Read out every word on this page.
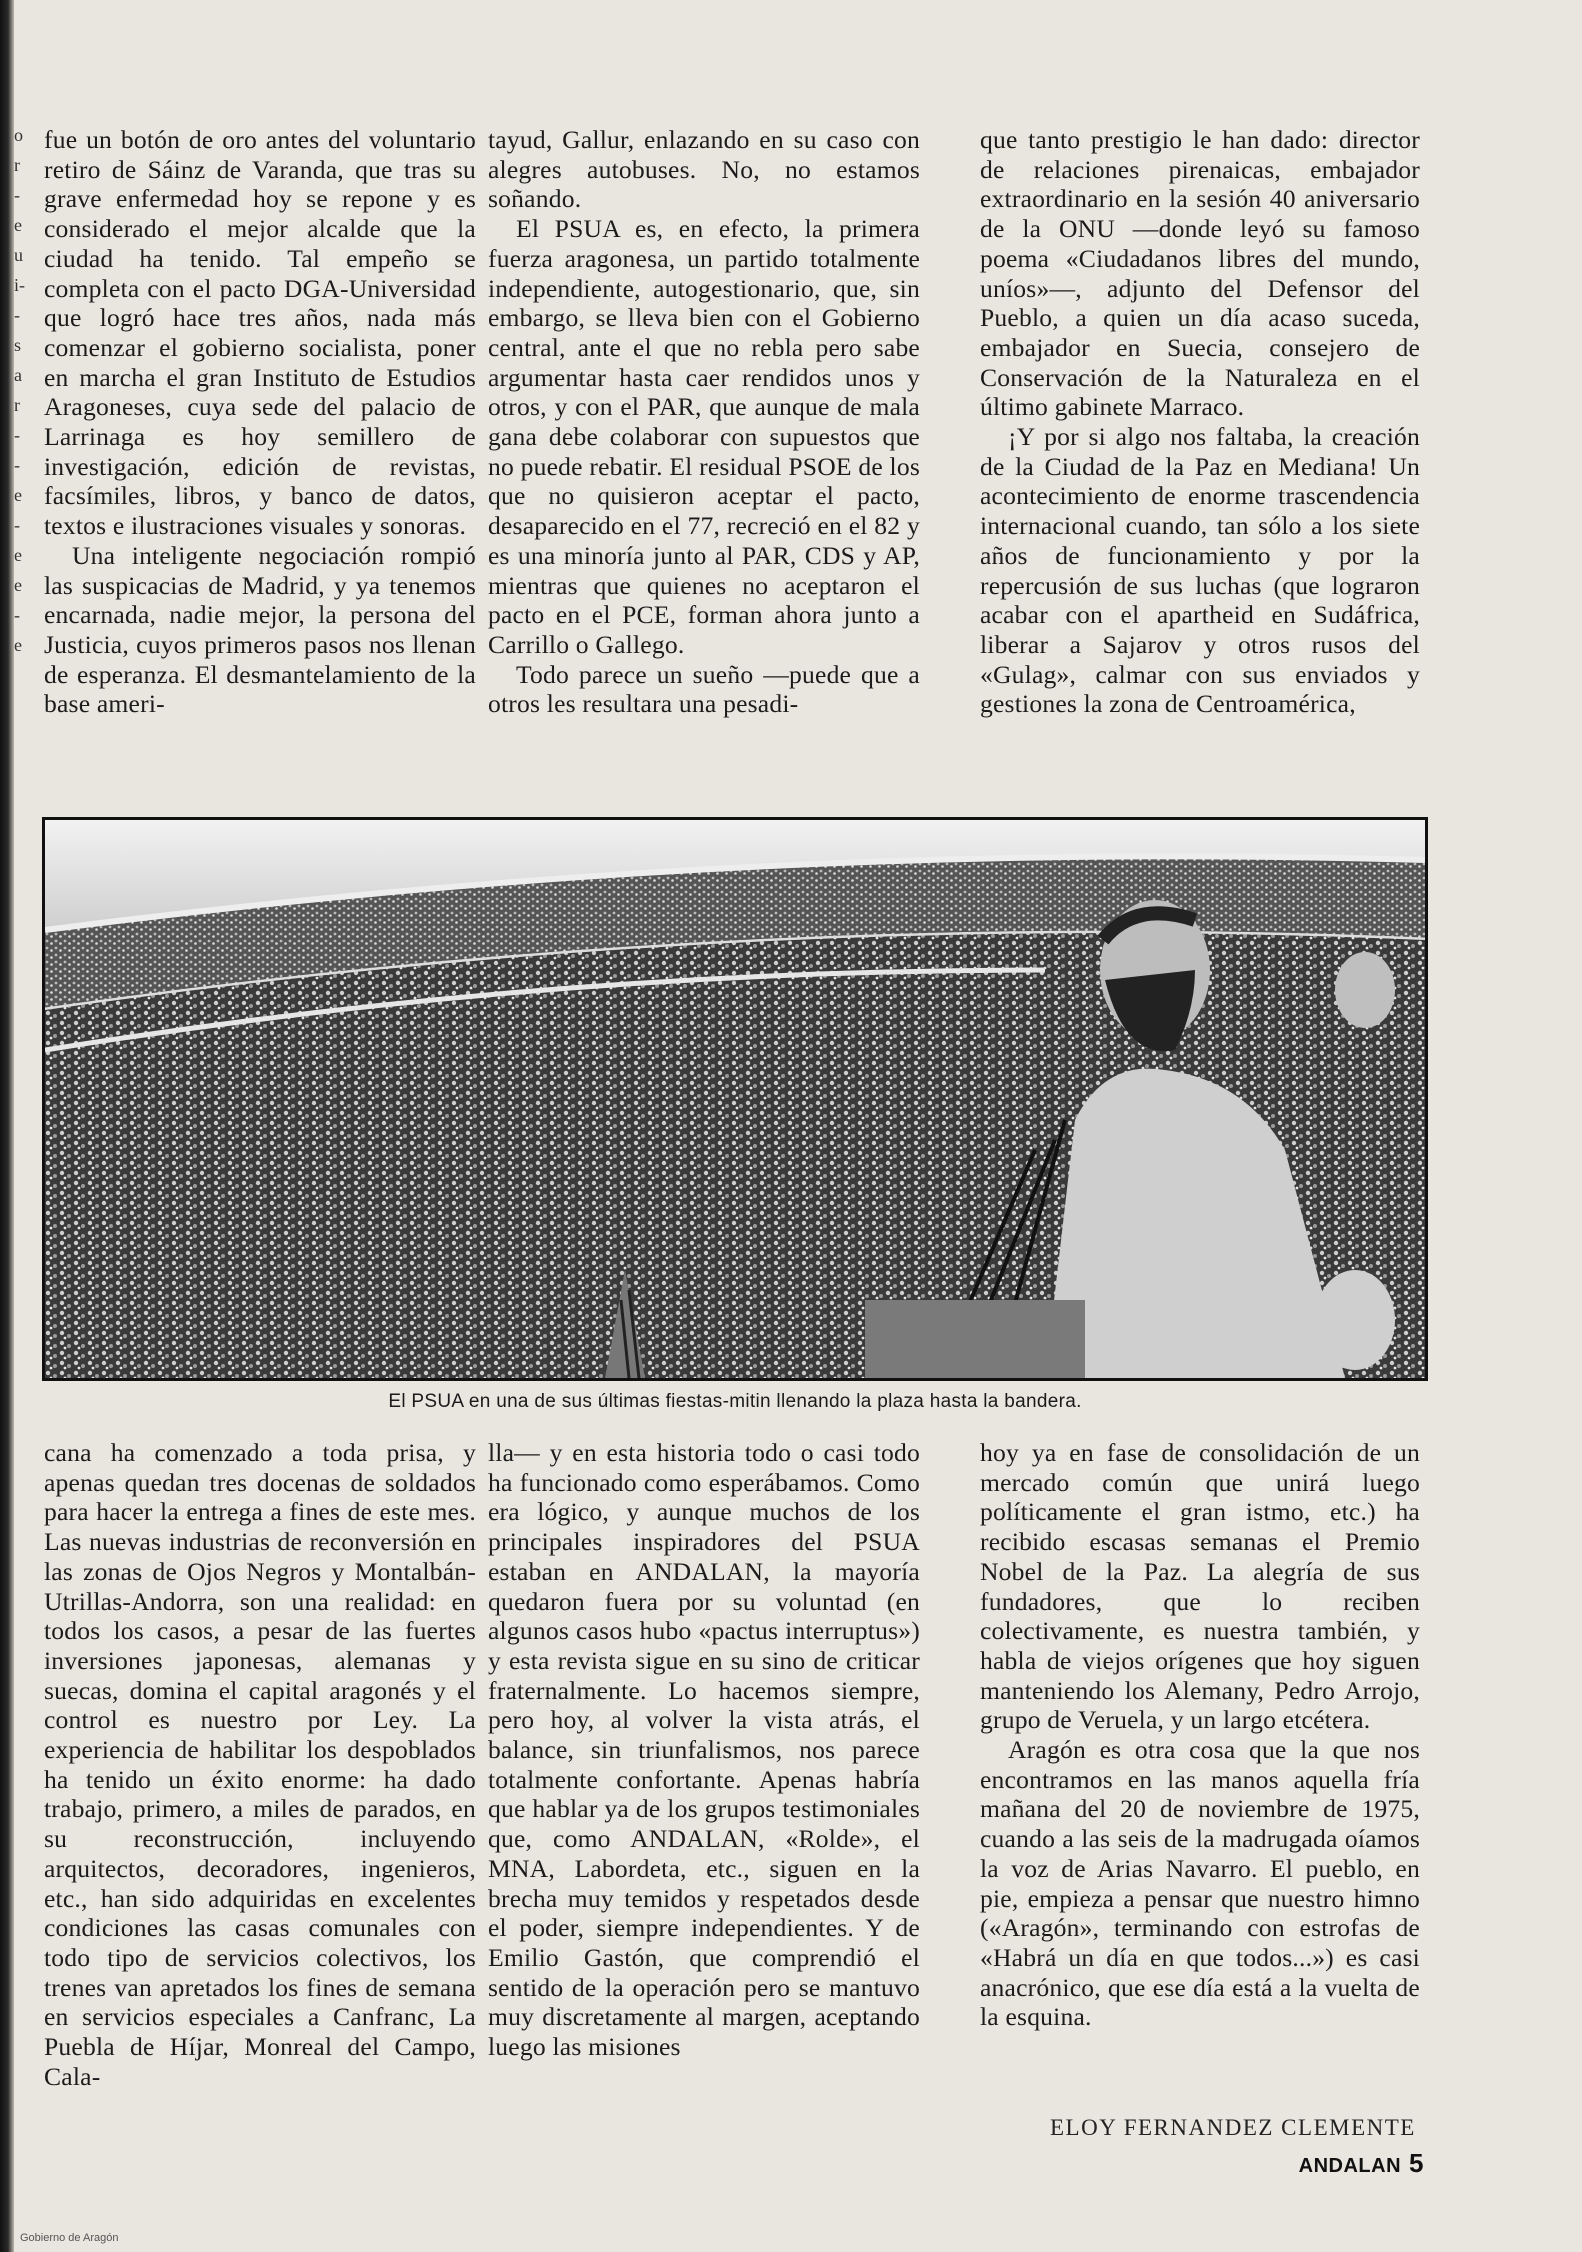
o
r
-
e
u
i-
-
s
a
r
-
-
e
-
e
e
-
e

fue un botón de oro antes del voluntario retiro de Sáinz de Varanda, que tras su grave enfermedad hoy se repone y es considerado el mejor alcalde que la ciudad ha tenido. Tal empeño se completa con el pacto DGA-Universidad que logró hace tres años, nada más comenzar el gobierno socialista, poner en marcha el gran Instituto de Estudios Aragoneses, cuya sede del palacio de Larrinaga es hoy semillero de investigación, edición de revistas, facsímiles, libros, y banco de datos, textos e ilustraciones visuales y sonoras.

Una inteligente negociación rompió las suspicacias de Madrid, y ya tenemos encarnada, nadie mejor, la persona del Justicia, cuyos primeros pasos nos llenan de esperanza. El desmantelamiento de la base ameri-

tayud, Gallur, enlazando en su caso con alegres autobuses. No, no estamos soñando.

El PSUA es, en efecto, la primera fuerza aragonesa, un partido totalmente independiente, autogestionario, que, sin embargo, se lleva bien con el Gobierno central, ante el que no rebla pero sabe argumentar hasta caer rendidos unos y otros, y con el PAR, que aunque de mala gana debe colaborar con supuestos que no puede rebatir. El residual PSOE de los que no quisieron aceptar el pacto, desaparecido en el 77, recreció en el 82 y es una minoría junto al PAR, CDS y AP, mientras que quienes no aceptaron el pacto en el PCE, forman ahora junto a Carrillo o Gallego.

Todo parece un sueño —puede que a otros les resultara una pesadi-

que tanto prestigio le han dado: director de relaciones pirenaicas, embajador extraordinario en la sesión 40 aniversario de la ONU —donde leyó su famoso poema «Ciudadanos libres del mundo, uníos»—, adjunto del Defensor del Pueblo, a quien un día acaso suceda, embajador en Suecia, consejero de Conservación de la Naturaleza en el último gabinete Marraco.

¡Y por si algo nos faltaba, la creación de la Ciudad de la Paz en Mediana! Un acontecimiento de enorme trascendencia internacional cuando, tan sólo a los siete años de funcionamiento y por la repercusión de sus luchas (que lograron acabar con el apartheid en Sudáfrica, liberar a Sajarov y otros rusos del «Gulag», calmar con sus enviados y gestiones la zona de Centroamérica,

El PSUA en una de sus últimas fiestas-mitin llenando la plaza hasta la bandera.

cana ha comenzado a toda prisa, y apenas quedan tres docenas de soldados para hacer la entrega a fines de este mes. Las nuevas industrias de reconversión en las zonas de Ojos Negros y Montalbán-Utrillas-Andorra, son una realidad: en todos los casos, a pesar de las fuertes inversiones japonesas, alemanas y suecas, domina el capital aragonés y el control es nuestro por Ley. La experiencia de habilitar los despoblados ha tenido un éxito enorme: ha dado trabajo, primero, a miles de parados, en su reconstrucción, incluyendo arquitectos, decoradores, ingenieros, etc., han sido adquiridas en excelentes condiciones las casas comunales con todo tipo de servicios colectivos, los trenes van apretados los fines de semana en servicios especiales a Canfranc, La Puebla de Híjar, Monreal del Campo, Cala-

lla— y en esta historia todo o casi todo ha funcionado como esperábamos. Como era lógico, y aunque muchos de los principales inspiradores del PSUA estaban en ANDALAN, la mayoría quedaron fuera por su voluntad (en algunos casos hubo «pactus interruptus») y esta revista sigue en su sino de criticar fraternalmente. Lo hacemos siempre, pero hoy, al volver la vista atrás, el balance, sin triunfalismos, nos parece totalmente confortante. Apenas habría que hablar ya de los grupos testimoniales que, como ANDALAN, «Rolde», el MNA, Labordeta, etc., siguen en la brecha muy temidos y respetados desde el poder, siempre independientes. Y de Emilio Gastón, que comprendió el sentido de la operación pero se mantuvo muy discretamente al margen, aceptando luego las misiones

hoy ya en fase de consolidación de un mercado común que unirá luego políticamente el gran istmo, etc.) ha recibido escasas semanas el Premio Nobel de la Paz. La alegría de sus fundadores, que lo reciben colectivamente, es nuestra también, y habla de viejos orígenes que hoy siguen manteniendo los Alemany, Pedro Arrojo, grupo de Veruela, y un largo etcétera.

Aragón es otra cosa que la que nos encontramos en las manos aquella fría mañana del 20 de noviembre de 1975, cuando a las seis de la madrugada oíamos la voz de Arias Navarro. El pueblo, en pie, empieza a pensar que nuestro himno («Aragón», terminando con estrofas de «Habrá un día en que todos...») es casi anacrónico, que ese día está a la vuelta de la esquina.

ELOY FERNANDEZ CLEMENTE
ANDALAN 5
Gobierno de Aragón
